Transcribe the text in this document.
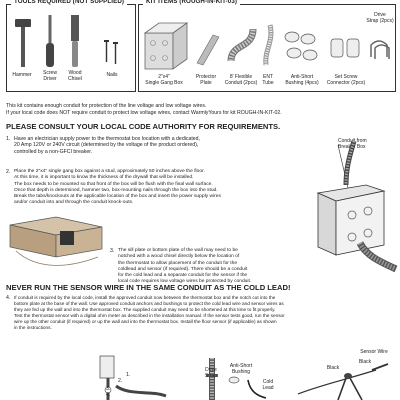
TOOLS REQUIRED (NOT SUPPLIED)
Hammer	Screw
Driver
Wood
Chisel
Nails
KIT ITEMS (ROUGH-IN-KIT-03)
2"x4"
Single Gang Box
Protector
Plate
8' Flexible
Conduit (2pcs)
ENT
Tube
Anti-Short
Bushing (4pcs)
Set Screw
Connector (2pcs)
Drive
Strap (2pcs)
This kit contains enough conduit for protection of the line voltage and low voltage wires.
If your local code does NOT require conduit to protect low voltage wires, contact WarmlyYours for kit ROUGH-IN-KIT-02.
PLEASE CONSULT YOUR LOCAL CODE AUTHORITY FOR REQUIREMENTS.
1. Have an electrician supply power to the thermostat box location with a dedicated,
20 Amp 120V or 240V circuit (determined by the voltage of the product ordered),
controlled by a non-GFCI breaker.
Conduit from
Breaker Box
2. Place the 2"x4" single gang box against a stud, approximately 50 inches above the floor.
At this time, it is important to know the thickness of the drywall that will be installed.
The box needs to be mounted so that front of the box will be flush with the final wall surface.
Once that depth is determined, hammer two, box-mounting nails through the box into the stud.
Break the tabs/knockouts at the applicable location of the box and insert the power supply wires
and/or conduit into and through the conduit knock-outs.
3. The sill plate or bottom plate of the wall may need to be
notched with a wood chisel directly below the location of
the thermostat to allow placement of the conduit for the
coldlead and sensor (if required). There should be a conduit
for the cold lead and a separate conduit for the sensor if the
local code requires low voltage wires be protected by conduit.
NEVER RUN THE SENSOR WIRE IN THE SAME CONDUIT AS THE COLD LEAD!
4. If conduit is required by the local code, install the approved conduit now between the thermostat box and the notch cut into the
bottom plate at the base of the wall. Use approved conduit anchors and bushings to protect the cold lead wire and sensor wires as
they are fed up the wall and into the thermostat box. The supplied conduit may need to be shortened at this time to fit properly.
Test the thermostat sensor with a digital ohm meter as described in the installation manual. If the sensor tests good, run the sensor
wire up the other conduit (if required) or up the wall and into the thermostat box. Install the floor sensor (if applicable) as shown
in the instructions.
1.
2.
3.
4.
Drive
Strap
Anti-Short
Bushing
Cold
Lead
Sensor Wire
Black
Black
